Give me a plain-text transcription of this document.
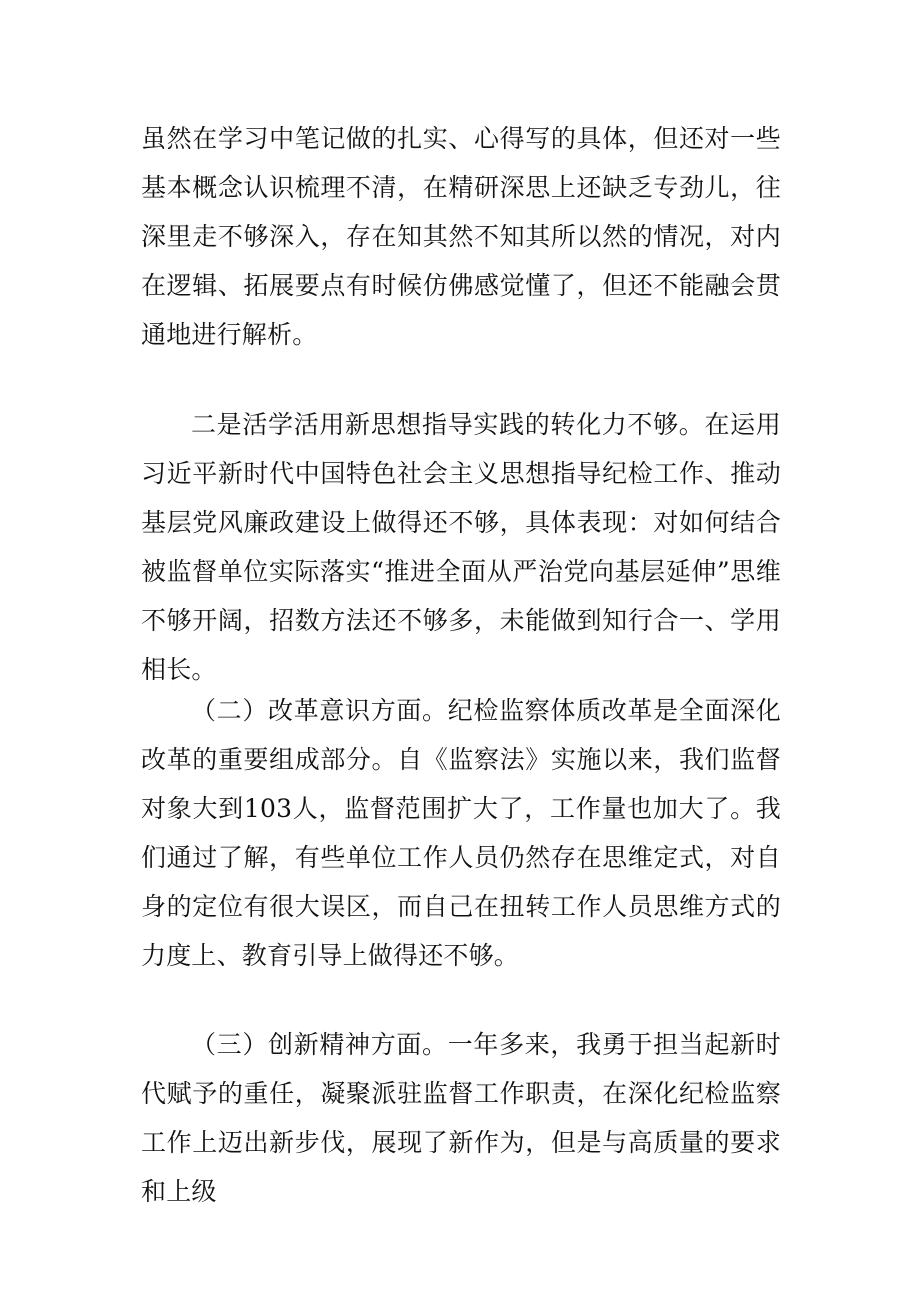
虽然在学习中笔记做的扎实、心得写的具体，但还对一些基本概念认识梳理不清，在精研深思上还缺乏专劲儿，往深里走不够深入，存在知其然不知其所以然的情况，对内在逻辑、拓展要点有时候仿佛感觉懂了，但还不能融会贯通地进行解析。

二是活学活用新思想指导实践的转化力不够。在运用习近平新时代中国特色社会主义思想指导纪检工作、推动基层党风廉政建设上做得还不够，具体表现：对如何结合被监督单位实际落实“推进全面从严治党向基层延伸”思维不够开阔，招数方法还不够多，未能做到知行合一、学用相长。

（二）改革意识方面。纪检监察体质改革是全面深化改革的重要组成部分。自《监察法》实施以来，我们监督对象大到103人，监督范围扩大了，工作量也加大了。我们通过了解，有些单位工作人员仍然存在思维定式，对自身的定位有很大误区，而自己在扭转工作人员思维方式的力度上、教育引导上做得还不够。

（三）创新精神方面。一年多来，我勇于担当起新时代赋予的重任，凝聚派驻监督工作职责，在深化纪检监察工作上迈出新步伐，展现了新作为，但是与高质量的要求和上级
